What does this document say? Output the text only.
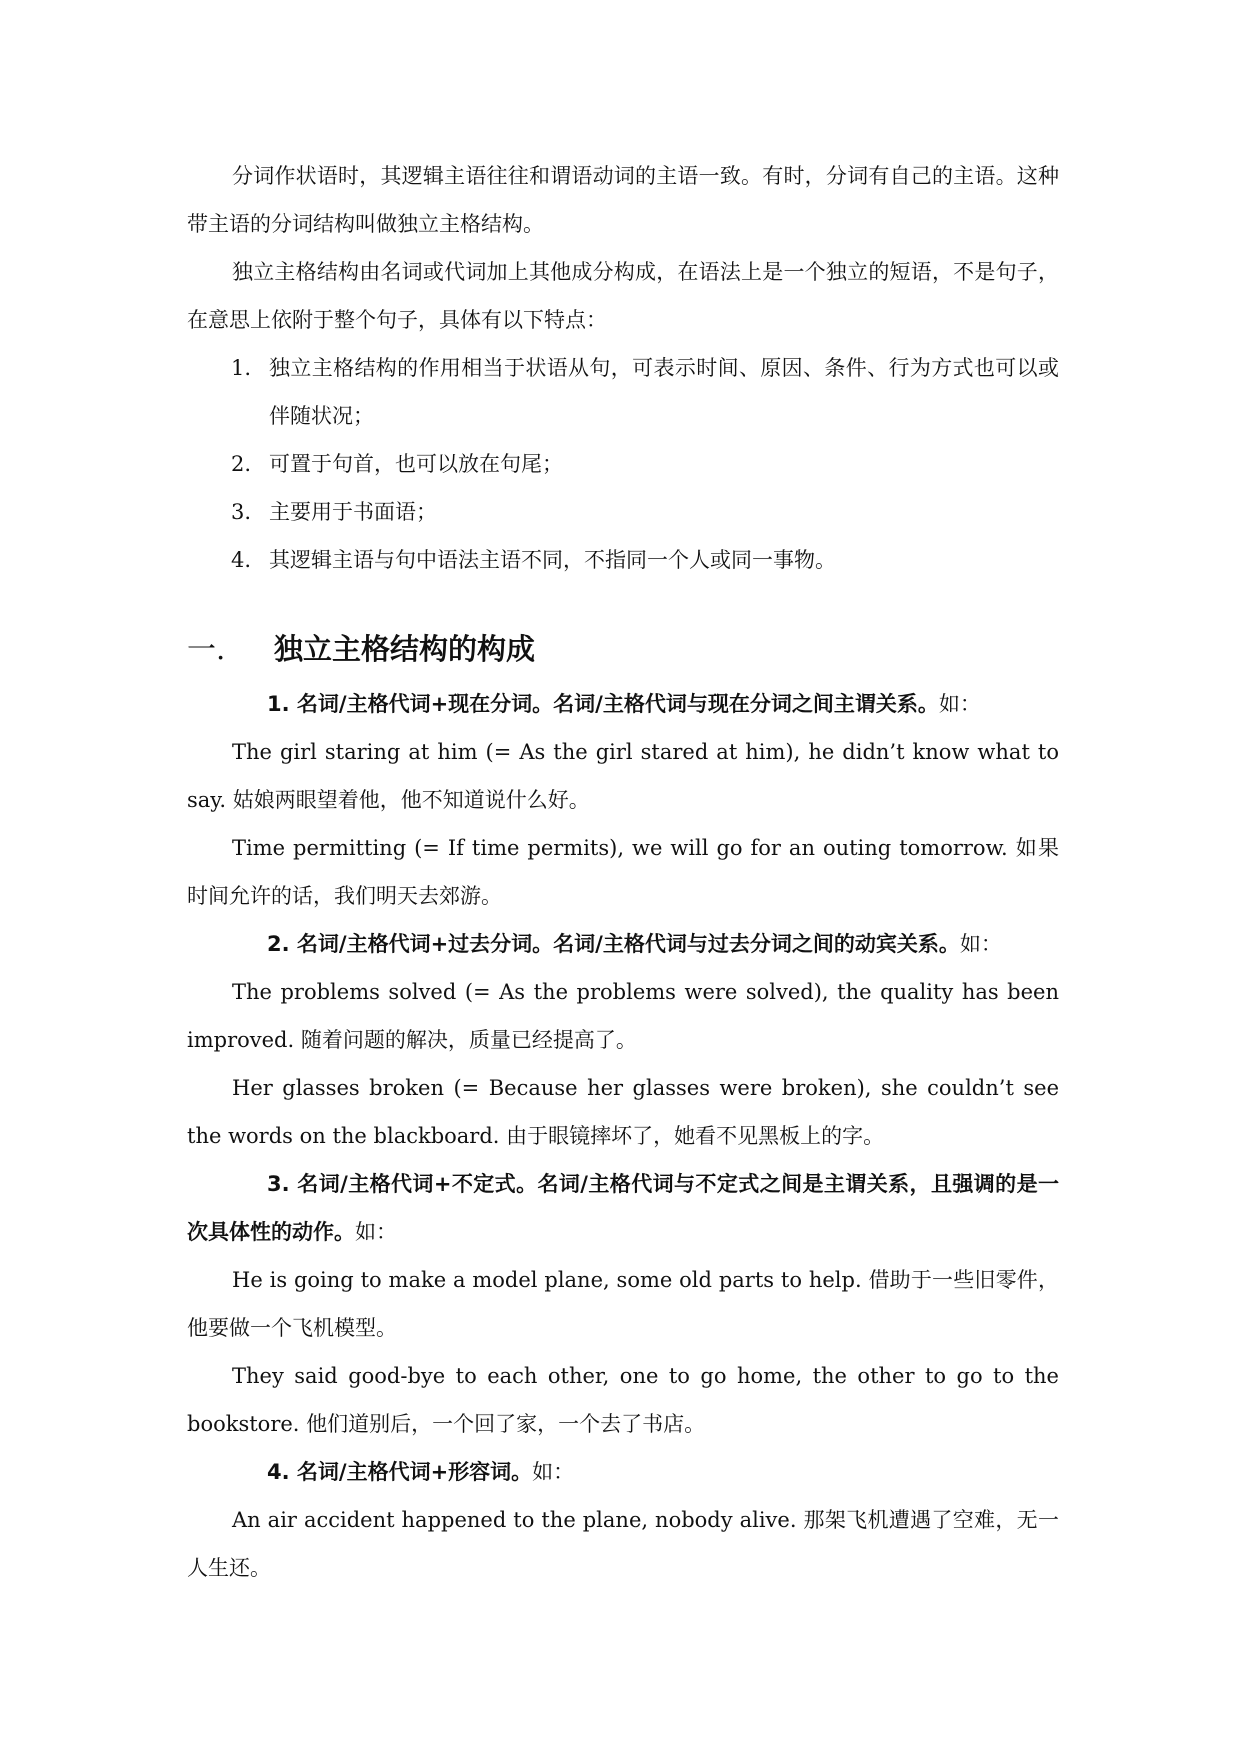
分词作状语时，其逻辑主语往往和谓语动词的主语一致。有时，分词有自己的主语。这种带主语的分词结构叫做独立主格结构。

独立主格结构由名词或代词加上其他成分构成，在语法上是一个独立的短语，不是句子，在意思上依附于整个句子，具体有以下特点：

1. 独立主格结构的作用相当于状语从句，可表示时间、原因、条件、行为方式也可以或伴随状况；
2. 可置于句首，也可以放在句尾；
3. 主要用于书面语；
4. 其逻辑主语与句中语法主语不同，不指同一个人或同一事物。
一. 独立主格结构的构成

1. 名词/主格代词+现在分词。名词/主格代词与现在分词之间主谓关系。如：

The girl staring at him (= As the girl stared at him), he didn’t know what to say. 姑娘两眼望着他，他不知道说什么好。

Time permitting (= If time permits), we will go for an outing tomorrow. 如果时间允许的话，我们明天去郊游。

2. 名词/主格代词+过去分词。名词/主格代词与过去分词之间的动宾关系。如：

The problems solved (= As the problems were solved), the quality has been improved. 随着问题的解决，质量已经提高了。

Her glasses broken (= Because her glasses were broken), she couldn’t see the words on the blackboard. 由于眼镜摔坏了，她看不见黑板上的字。

3. 名词/主格代词+不定式。名词/主格代词与不定式之间是主谓关系，且强调的是一次具体性的动作。如：

He is going to make a model plane, some old parts to help. 借助于一些旧零件，他要做一个飞机模型。

They said good-bye to each other, one to go home, the other to go to the bookstore. 他们道别后，一个回了家，一个去了书店。

4. 名词/主格代词+形容词。如：

An air accident happened to the plane, nobody alive. 那架飞机遭遇了空难，无一人生还。
